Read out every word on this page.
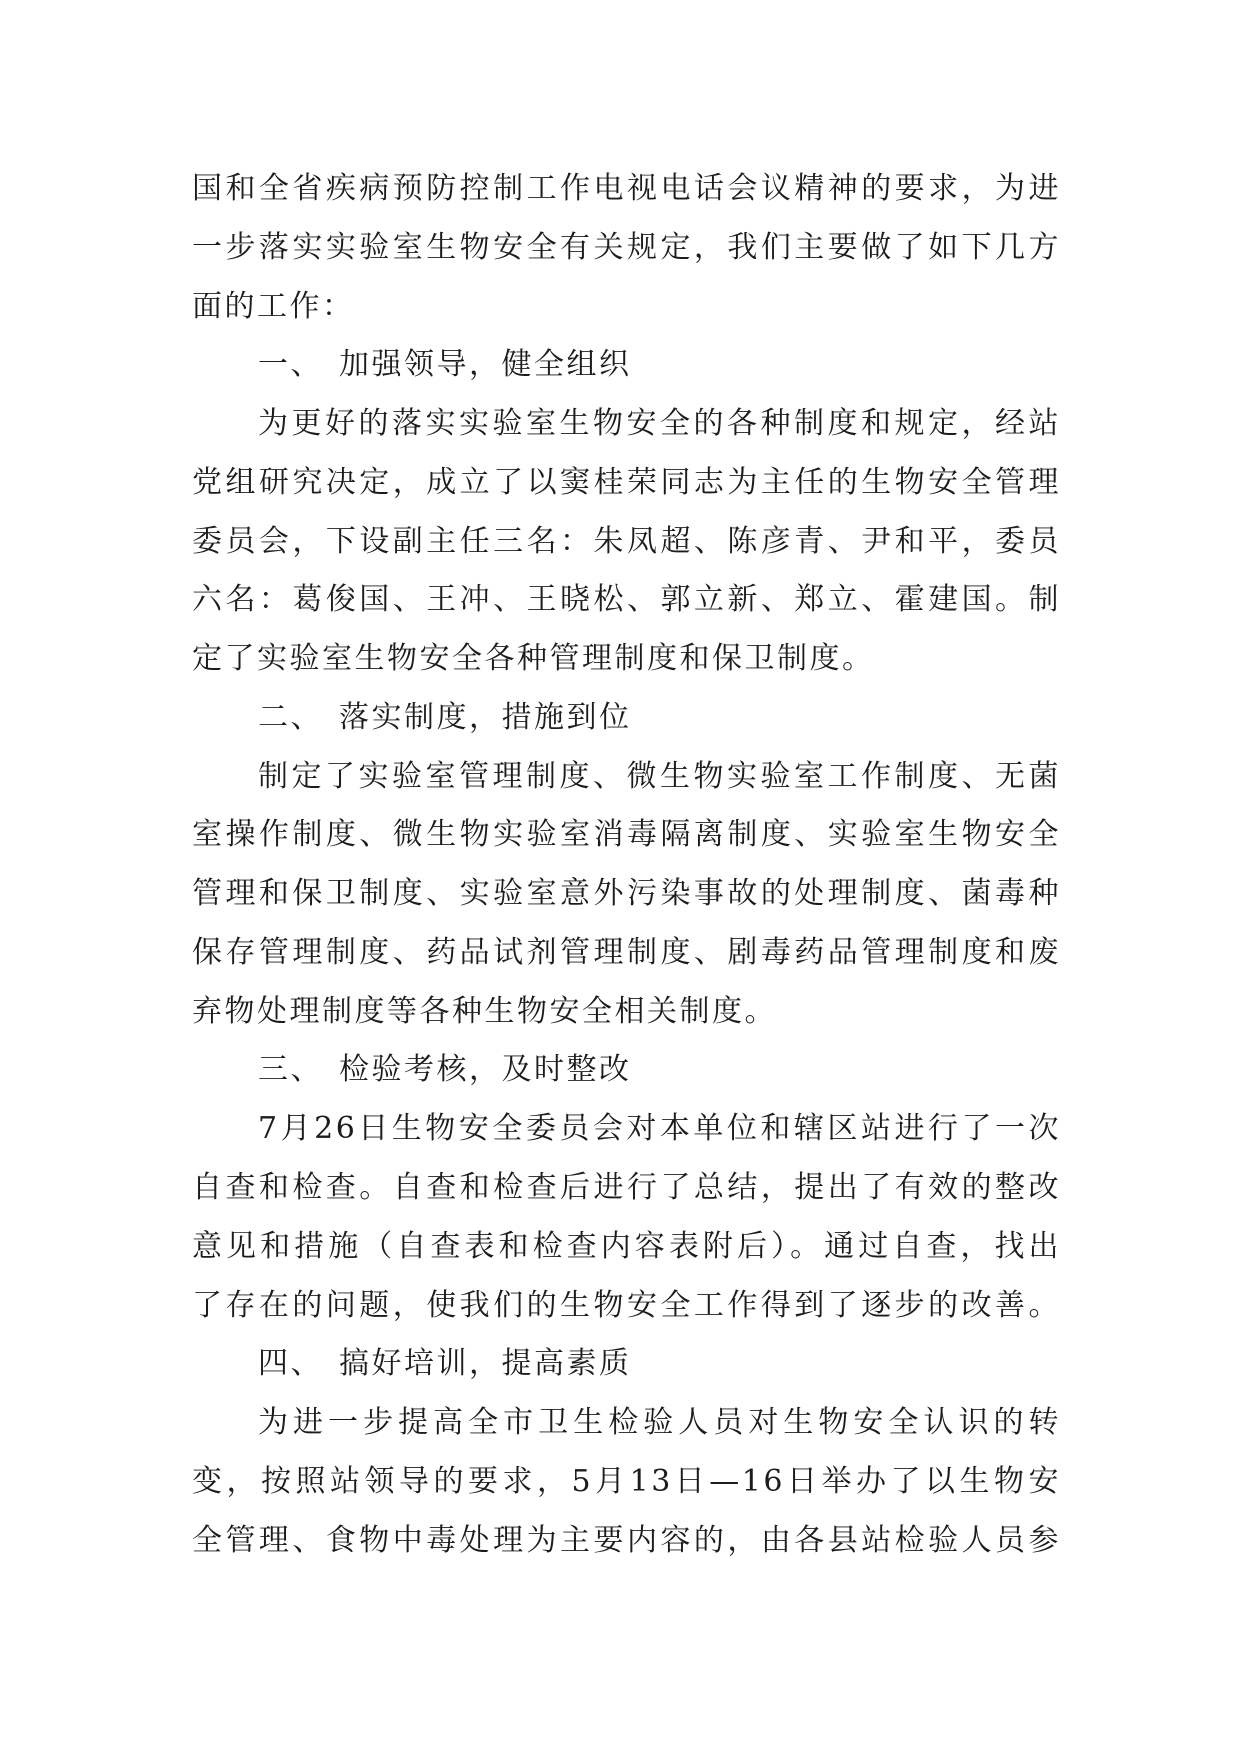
国和全省疾病预防控制工作电视电话会议精神的要求，为进
一步落实实验室生物安全有关规定，我们主要做了如下几方
面的工作：
一、 加强领导，健全组织
为更好的落实实验室生物安全的各种制度和规定，经站
党组研究决定，成立了以窦桂荣同志为主任的生物安全管理
委员会，下设副主任三名：朱凤超、陈彦青、尹和平，委员
六名：葛俊国、王冲、王晓松、郭立新、郑立、霍建国。制
定了实验室生物安全各种管理制度和保卫制度。
二、 落实制度，措施到位
制定了实验室管理制度、微生物实验室工作制度、无菌
室操作制度、微生物实验室消毒隔离制度、实验室生物安全
管理和保卫制度、实验室意外污染事故的处理制度、菌毒种
保存管理制度、药品试剂管理制度、剧毒药品管理制度和废
弃物处理制度等各种生物安全相关制度。
三、 检验考核，及时整改
7月26日生物安全委员会对本单位和辖区站进行了一次
自查和检查。自查和检查后进行了总结，提出了有效的整改
意见和措施（自查表和检查内容表附后）。通过自查，找出
了存在的问题，使我们的生物安全工作得到了逐步的改善。
四、 搞好培训，提高素质
为进一步提高全市卫生检验人员对生物安全认识的转
变，按照站领导的要求，5月13日—16日举办了以生物安
全管理、食物中毒处理为主要内容的，由各县站检验人员参
